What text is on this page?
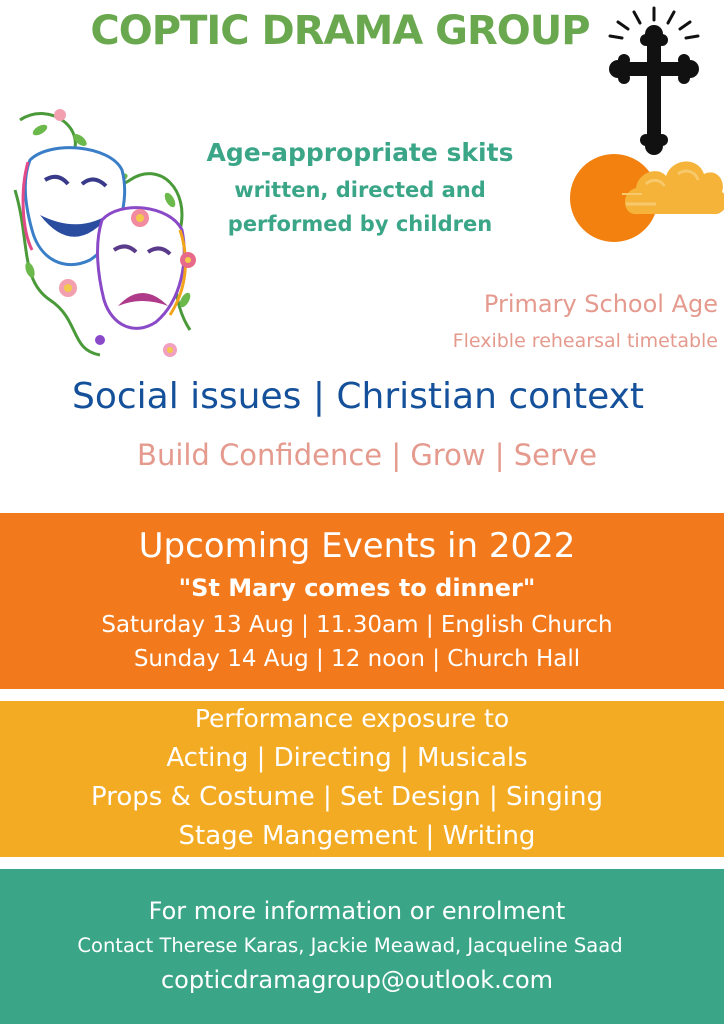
COPTIC DRAMA GROUP
Age-appropriate skits
written, directed and
performed by children
Primary School Age
Flexible rehearsal timetable
Social issues | Christian context
Build Confidence | Grow | Serve
Upcoming Events in 2022
"St Mary comes to dinner"
Saturday 13 Aug | 11.30am | English Church
Sunday 14 Aug | 12 noon | Church Hall
Performance exposure to
Acting | Directing | Musicals
Props & Costume | Set Design | Singing
Stage Mangement | Writing
For more information or enrolment
Contact Therese Karas, Jackie Meawad, Jacqueline Saad
copticdramagroup@outlook.com
